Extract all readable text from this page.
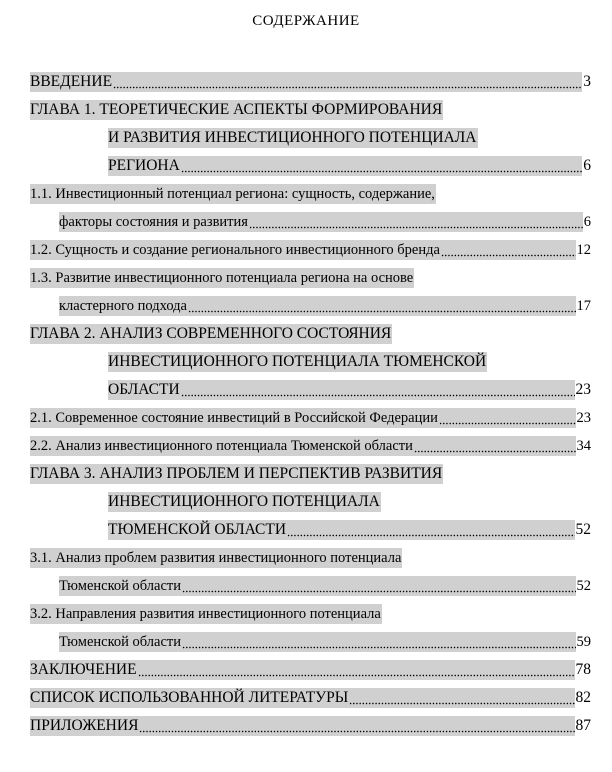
СОДЕРЖАНИЕ
ВВЕДЕНИЕ	3
ГЛАВА 1. ТЕОРЕТИЧЕСКИЕ АСПЕКТЫ ФОРМИРОВАНИЯ
И РАЗВИТИЯ ИНВЕСТИЦИОННОГО ПОТЕНЦИАЛА
РЕГИОНА	6
1.1. Инвестиционный потенциал региона: сущность, содержание,
факторы состояния и развития	6
1.2. Сущность и создание регионального инвестиционного бренда	12
1.3. Развитие инвестиционного потенциала региона на основе
кластерного подхода	17
ГЛАВА 2. АНАЛИЗ СОВРЕМЕННОГО СОСТОЯНИЯ
ИНВЕСТИЦИОННОГО ПОТЕНЦИАЛА ТЮМЕНСКОЙ
ОБЛАСТИ	23
2.1. Современное состояние инвестиций в Российской Федерации	23
2.2. Анализ инвестиционного потенциала Тюменской области	34
ГЛАВА 3. АНАЛИЗ ПРОБЛЕМ И ПЕРСПЕКТИВ РАЗВИТИЯ
ИНВЕСТИЦИОННОГО ПОТЕНЦИАЛА
ТЮМЕНСКОЙ ОБЛАСТИ	52
3.1. Анализ проблем развития инвестиционного потенциала
Тюменской области	52
3.2. Направления развития инвестиционного потенциала
Тюменской области	59
ЗАКЛЮЧЕНИЕ	78
СПИСОК ИСПОЛЬЗОВАННОЙ ЛИТЕРАТУРЫ	82
ПРИЛОЖЕНИЯ	87
